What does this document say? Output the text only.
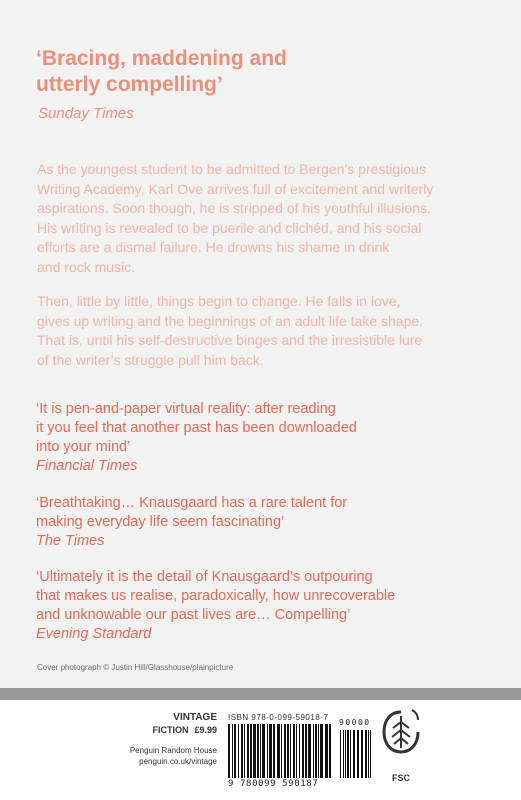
‘Bracing, maddening and
utterly compelling’
Sunday Times

As the youngest student to be admitted to Bergen’s prestigious
Writing Academy, Karl Ove arrives full of excitement and writerly
aspirations. Soon though, he is stripped of his youthful illusions.
His writing is revealed to be puerile and clichéd, and his social
efforts are a dismal failure. He drowns his shame in drink
and rock music.

Then, little by little, things begin to change. He falls in love,
gives up writing and the beginnings of an adult life take shape.
That is, until his self-destructive binges and the irresistible lure
of the writer’s struggle pull him back.

‘It is pen-and-paper virtual reality: after reading
it you feel that another past has been downloaded
into your mind’
Financial Times

‘Breathtaking… Knausgaard has a rare talent for
making everyday life seem fascinating’
The Times

‘Ultimately it is the detail of Knausgaard’s outpouring
that makes us realise, paradoxically, how unrecoverable
and unknowable our past lives are… Compelling’
Evening Standard

Cover photograph © Justin Hill/Glasshouse/plainpicture
VINTAGE
FICTION £9.99
Penguin Random House
penguin.co.uk/vintage
ISBN 978-0-099-59018-7
9 780099 590187
90000
FSC
